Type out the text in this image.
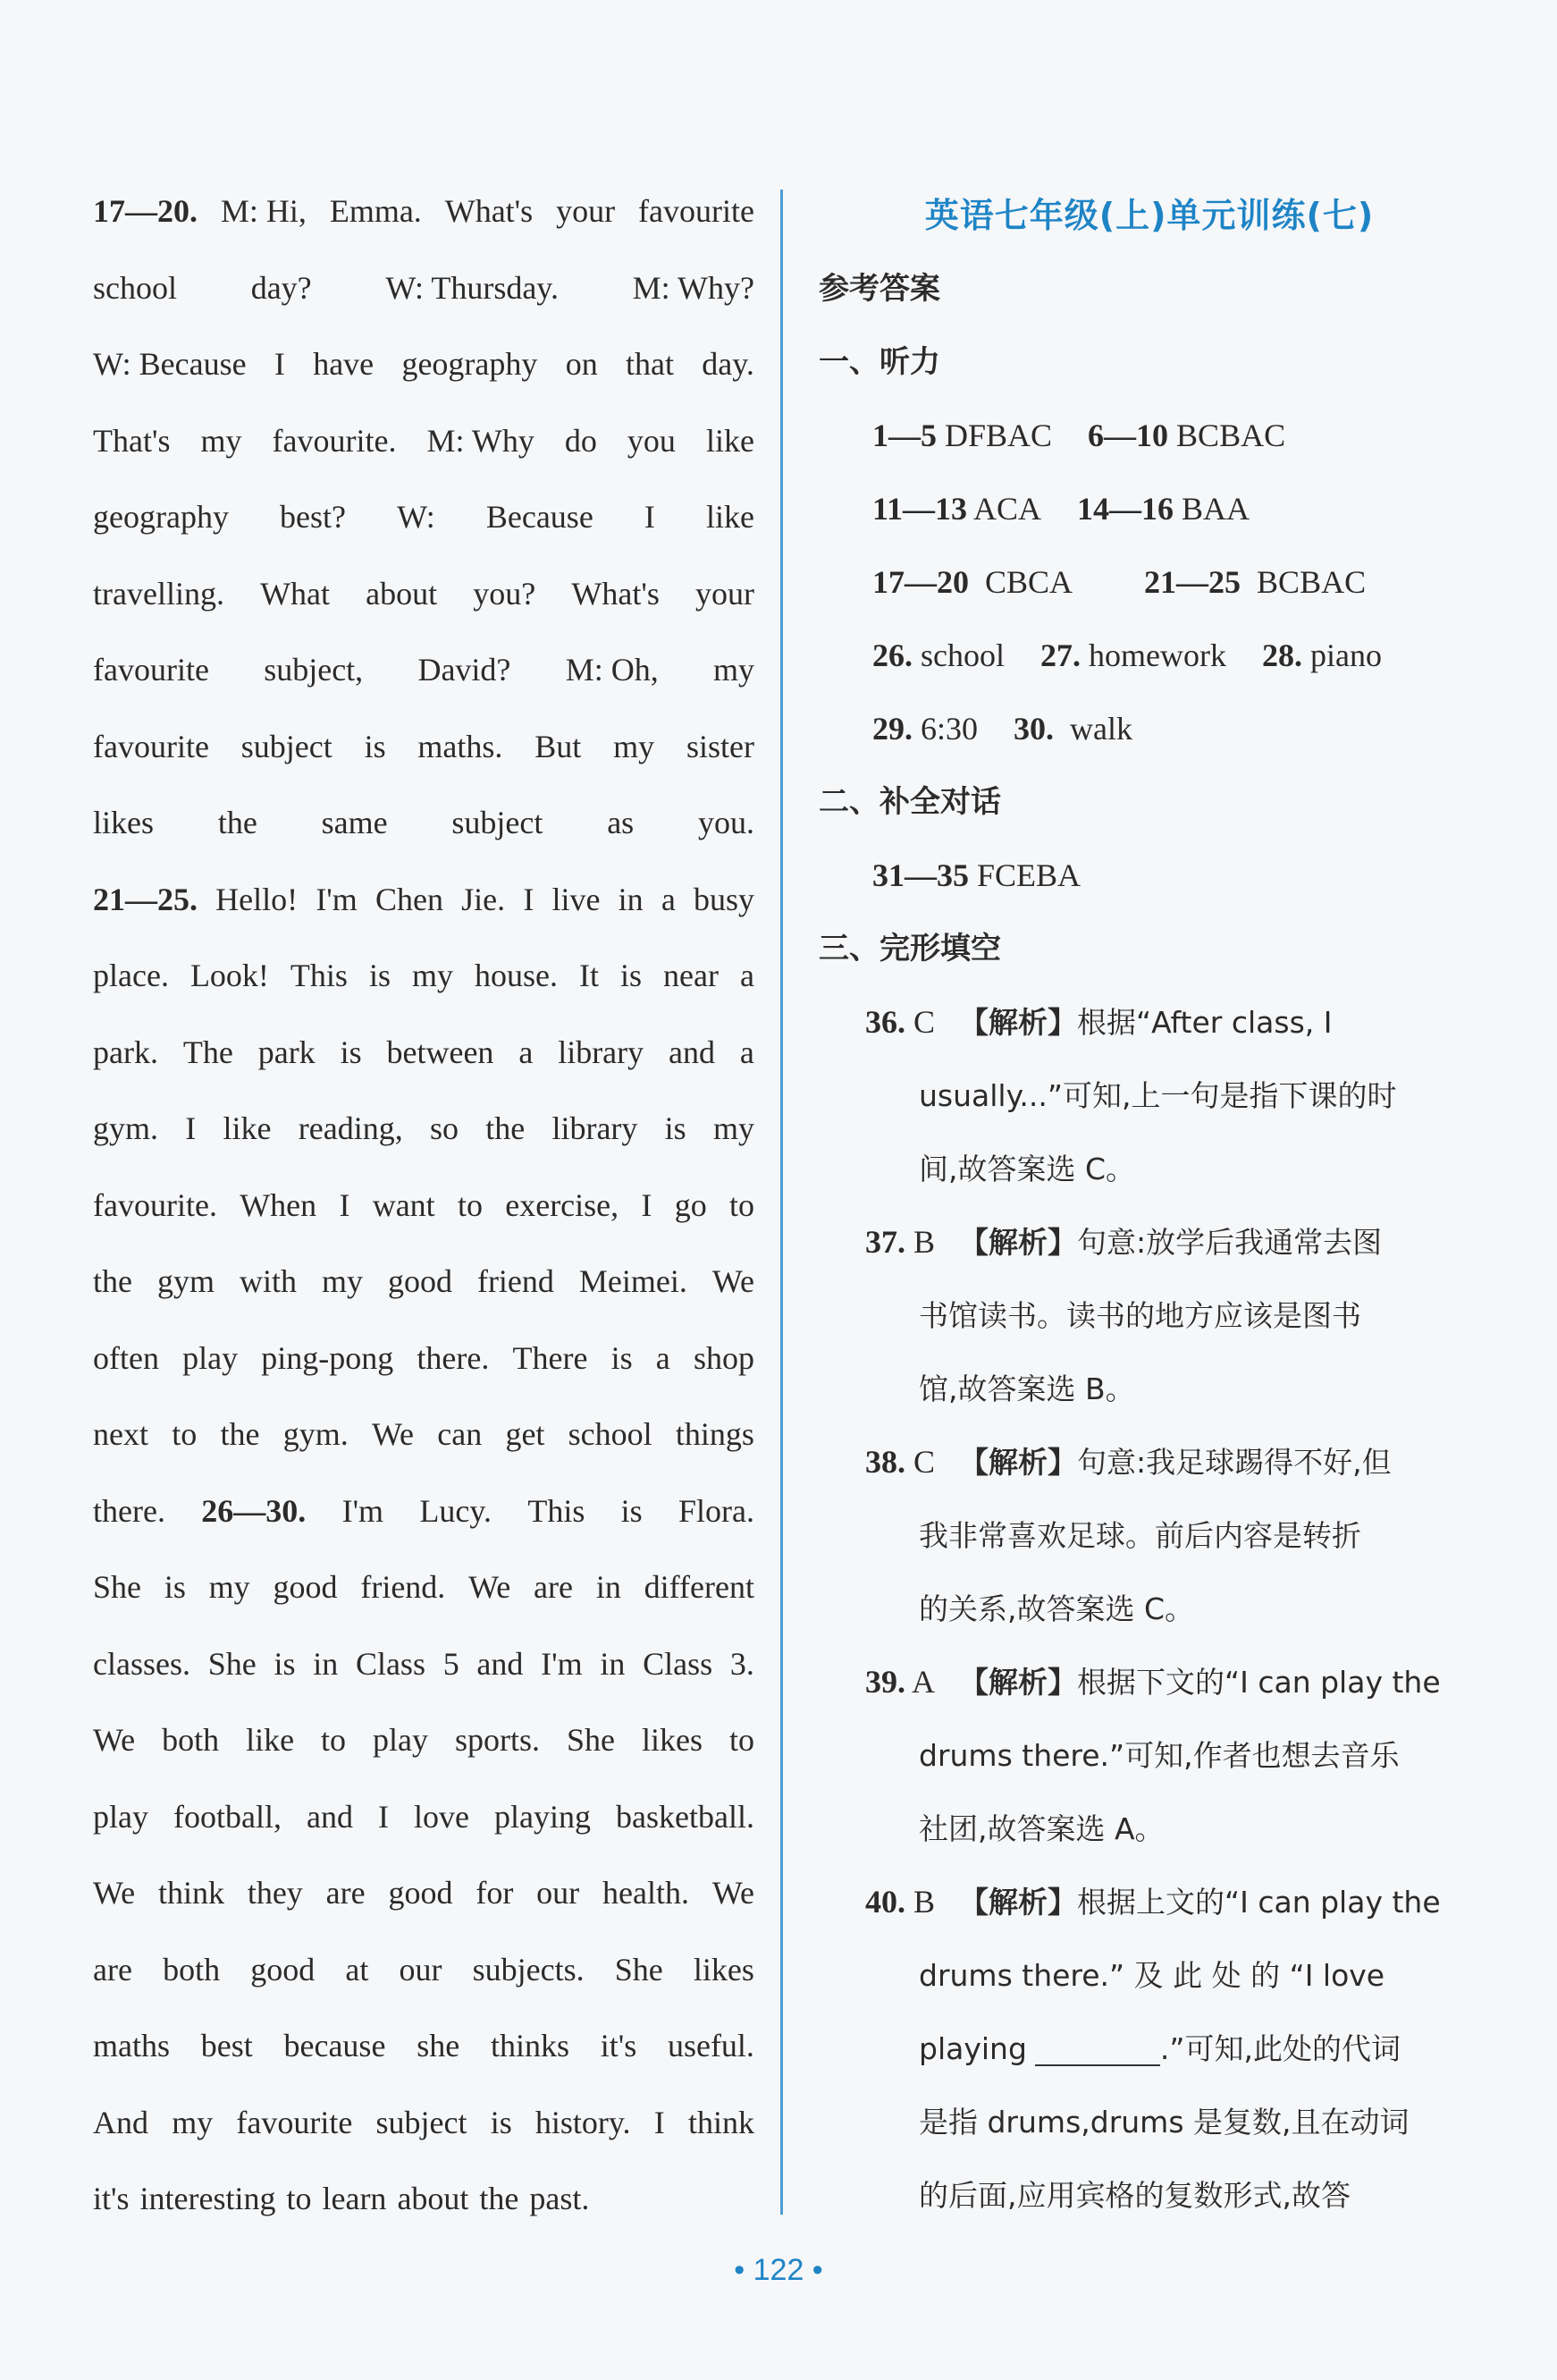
17—20. M: Hi, Emma. What's your favourite
school day? W: Thursday. M: Why?
W: Because I have geography on that day.
That's my favourite. M: Why do you like
geography best? W: Because I like
travelling. What about you? What's your
favourite subject, David? M: Oh, my
favourite subject is maths. But my sister
likes the same subject as you.
21—25. Hello! I'm Chen Jie. I live in a busy
place. Look! This is my house. It is near a
park. The park is between a library and a
gym. I like reading, so the library is my
favourite. When I want to exercise, I go to
the gym with my good friend Meimei. We
often play ping-pong there. There is a shop
next to the gym. We can get school things
there. 26—30. I'm Lucy. This is Flora.
She is my good friend. We are in different
classes. She is in Class 5 and I'm in Class 3.
We both like to play sports. She likes to
play football, and I love playing basketball.
We think they are good for our health. We
are both good at our subjects. She likes
maths best because she thinks it's useful.
And my favourite subject is history. I think
it's interesting to learn about the past.
英语七年级(上)单元训练(七)
参考答案
一、听力
1—5 DFBAC 6—10 BCBAC
11—13 ACA 14—16 BAA
17—20 CBCA 21—25 BCBAC
26. school 27. homework 28. piano
29. 6:30 30. walk
二、补全对话
31—35 FCEBA
三、完形填空
36. C 【解析】根据“After class, I
usually...”可知,上一句是指下课的时
间,故答案选 C。
37. B 【解析】句意:放学后我通常去图
书馆读书。读书的地方应该是图书
馆,故答案选 B。
38. C 【解析】句意:我足球踢得不好,但
我非常喜欢足球。前后内容是转折
的关系,故答案选 C。
39. A 【解析】根据下文的“I can play the
drums there.”可知,作者也想去音乐
社团,故答案选 A。
40. B 【解析】根据上文的“I can play the
drums there.” 及 此 处 的 “I love
playing	.”可知,此处的代词
是指 drums,drums 是复数,且在动词
的后面,应用宾格的复数形式,故答
• 122 •
